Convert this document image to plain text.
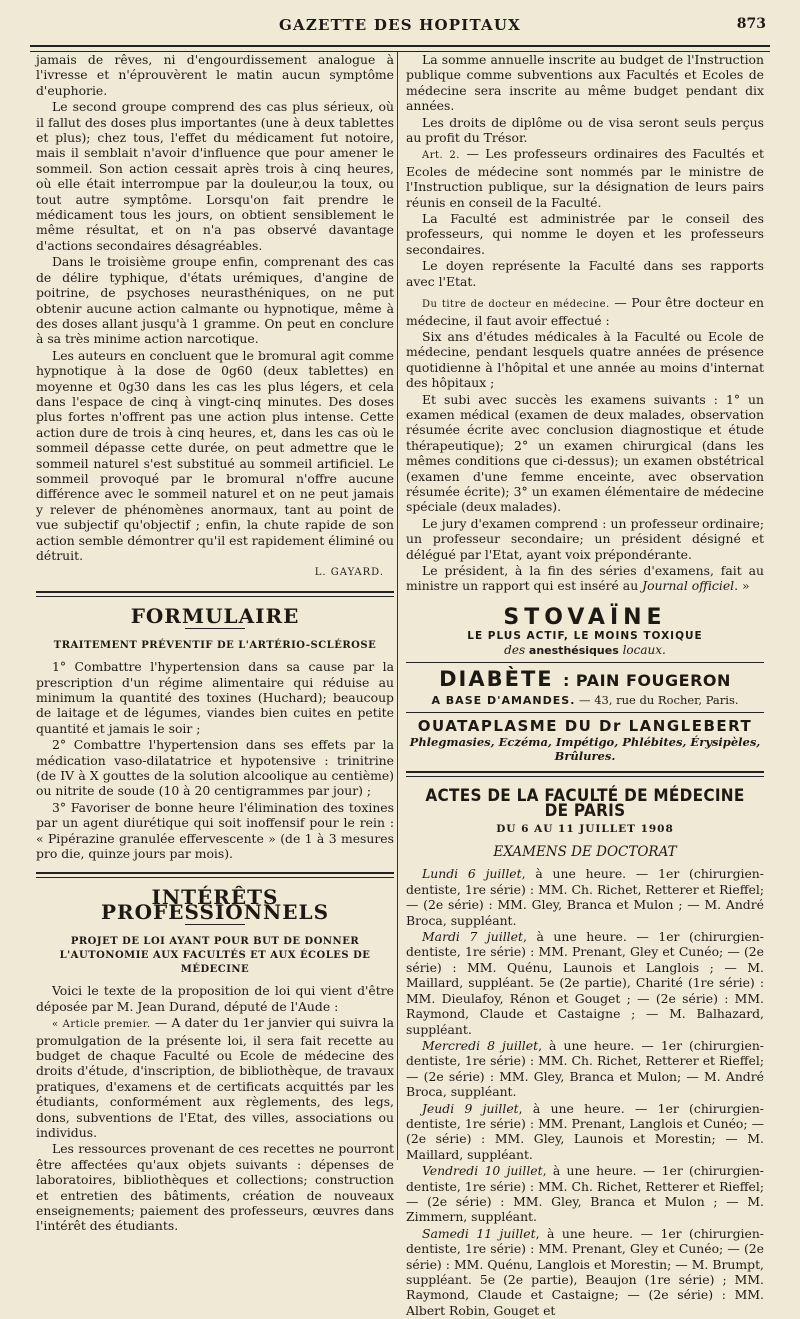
GAZETTE DES HOPITAUX	873

jamais de rêves, ni d'engourdissement analogue à l'ivresse et n'éprouvèrent le matin aucun symptôme d'euphorie.

Le second groupe comprend des cas plus sérieux, où il fallut des doses plus importantes (une à deux tablettes et plus); chez tous, l'effet du médicament fut notoire, mais il semblait n'avoir d'influence que pour amener le sommeil. Son action cessait après trois à cinq heures, où elle était interrompue par la douleur,ou la toux, ou tout autre symptôme. Lorsqu'on fait prendre le médicament tous les jours, on obtient sensiblement le même résultat, et on n'a pas observé davantage d'actions secondaires désagréables.

Dans le troisième groupe enfin, comprenant des cas de délire typhique, d'états urémiques, d'angine de poitrine, de psychoses neurasthéniques, on ne put obtenir aucune action calmante ou hypnotique, même à des doses allant jusqu'à 1 gramme. On peut en conclure à sa très minime action narcotique.

Les auteurs en concluent que le bromural agit comme hypnotique à la dose de 0g60 (deux tablettes) en moyenne et 0g30 dans les cas les plus légers, et cela dans l'espace de cinq à vingt-cinq minutes. Des doses plus fortes n'offrent pas une action plus intense. Cette action dure de trois à cinq heures, et, dans les cas où le sommeil dépasse cette durée, on peut admettre que le sommeil naturel s'est substitué au sommeil artificiel. Le sommeil provoqué par le bromural n'offre aucune différence avec le sommeil naturel et on ne peut jamais y relever de phénomènes anormaux, tant au point de vue subjectif qu'objectif ; enfin, la chute rapide de son action semble démontrer qu'il est rapidement éliminé ou détruit.

L. GAYARD.
FORMULAIRE
TRAITEMENT PRÉVENTIF DE L'ARTÉRIO-SCLÉROSE

1° Combattre l'hypertension dans sa cause par la prescription d'un régime alimentaire qui réduise au minimum la quantité des toxines (Huchard); beaucoup de laitage et de légumes, viandes bien cuites en petite quantité et jamais le soir ;

2° Combattre l'hypertension dans ses effets par la médication vaso-dilatatrice et hypotensive : trinitrine (de IV à X gouttes de la solution alcoolique au centième) ou nitrite de soude (10 à 20 centigrammes par jour) ;

3° Favoriser de bonne heure l'élimination des toxines par un agent diurétique qui soit inoffensif pour le rein : « Pipérazine granulée effervescente » (de 1 à 3 mesures pro die, quinze jours par mois).

INTÉRÊTS PROFESSIONNELS
PROJET DE LOI AYANT POUR BUT DE DONNER L'AUTONOMIE AUX FACULTÉS ET AUX ÉCOLES DE MÉDECINE

Voici le texte de la proposition de loi qui vient d'être déposée par M. Jean Durand, député de l'Aude :

« Article premier. — A dater du 1er janvier qui suivra la promulgation de la présente loi, il sera fait recette au budget de chaque Faculté ou Ecole de médecine des droits d'étude, d'inscription, de bibliothèque, de travaux pratiques, d'examens et de certificats acquittés par les étudiants, conformément aux règlements, des legs, dons, subventions de l'Etat, des villes, associations ou individus.

Les ressources provenant de ces recettes ne pourront être affectées qu'aux objets suivants : dépenses de laboratoires, bibliothèques et collections; construction et entretien des bâtiments, création de nouveaux enseignements; paiement des professeurs, œuvres dans l'intérêt des étudiants.

La somme annuelle inscrite au budget de l'Instruction publique comme subventions aux Facultés et Ecoles de médecine sera inscrite au même budget pendant dix années.

Les droits de diplôme ou de visa seront seuls perçus au profit du Trésor.

Art. 2. — Les professeurs ordinaires des Facultés et Ecoles de médecine sont nommés par le ministre de l'Instruction publique, sur la désignation de leurs pairs réunis en conseil de la Faculté.

La Faculté est administrée par le conseil des professeurs, qui nomme le doyen et les professeurs secondaires.

Le doyen représente la Faculté dans ses rapports avec l'Etat.

Du titre de docteur en médecine. — Pour être docteur en médecine, il faut avoir effectué :

Six ans d'études médicales à la Faculté ou Ecole de médecine, pendant lesquels quatre années de présence quotidienne à l'hôpital et une année au moins d'internat des hôpitaux ;

Et subi avec succès les examens suivants : 1° un examen médical (examen de deux malades, observation résumée écrite avec conclusion diagnostique et étude thérapeutique); 2° un examen chirurgical (dans les mêmes conditions que ci-dessus); un examen obstétrical (examen d'une femme enceinte, avec observation résumée écrite); 3° un examen élémentaire de médecine spéciale (deux malades).

Le jury d'examen comprend : un professeur ordinaire; un professeur secondaire; un président désigné et délégué par l'Etat, ayant voix prépondérante.

Le président, à la fin des séries d'examens, fait au ministre un rapport qui est inséré au Journal officiel. »

STOVAÏNE
LE PLUS ACTIF, LE MOINS TOXIQUE
des anesthésiques locaux.
DIABÈTE : PAIN FOUGERON
A BASE D'AMANDES. — 43, rue du Rocher, Paris.
OUATAPLASME DU Dr LANGLEBERT
Phlegmasies, Eczéma, Impétigo, Phlébites, Érysipèles, Brûlures.
ACTES DE LA FACULTÉ DE MÉDECINE DE PARIS
DU 6 AU 11 JUILLET 1908
EXAMENS DE DOCTORAT

Lundi 6 juillet, à une heure. — 1er (chirurgien-dentiste, 1re série) : MM. Ch. Richet, Retterer et Rieffel; — (2e série) : MM. Gley, Branca et Mulon ; — M. André Broca, suppléant.

Mardi 7 juillet, à une heure. — 1er (chirurgien-dentiste, 1re série) : MM. Prenant, Gley et Cunéo; — (2e série) : MM. Quénu, Launois et Langlois ; — M. Maillard, suppléant. 5e (2e partie), Charité (1re série) : MM. Dieulafoy, Rénon et Gouget ; — (2e série) : MM. Raymond, Claude et Castaigne ; — M. Balhazard, suppléant.

Mercredi 8 juillet, à une heure. — 1er (chirurgien-dentiste, 1re série) : MM. Ch. Richet, Retterer et Rieffel; — (2e série) : MM. Gley, Branca et Mulon; — M. André Broca, suppléant.

Jeudi 9 juillet, à une heure. — 1er (chirurgien-dentiste, 1re série) : MM. Prenant, Langlois et Cunéo; — (2e série) : MM. Gley, Launois et Morestin; — M. Maillard, suppléant.

Vendredi 10 juillet, à une heure. — 1er (chirurgien-dentiste, 1re série) : MM. Ch. Richet, Retterer et Rieffel; — (2e série) : MM. Gley, Branca et Mulon ; — M. Zimmern, suppléant.

Samedi 11 juillet, à une heure. — 1er (chirurgien-dentiste, 1re série) : MM. Prenant, Gley et Cunéo; — (2e série) : MM. Quénu, Langlois et Morestin; — M. Brumpt, suppléant. 5e (2e partie), Beaujon (1re série) ; MM. Raymond, Claude et Castaigne; — (2e série) : MM. Albert Robin, Gouget et
